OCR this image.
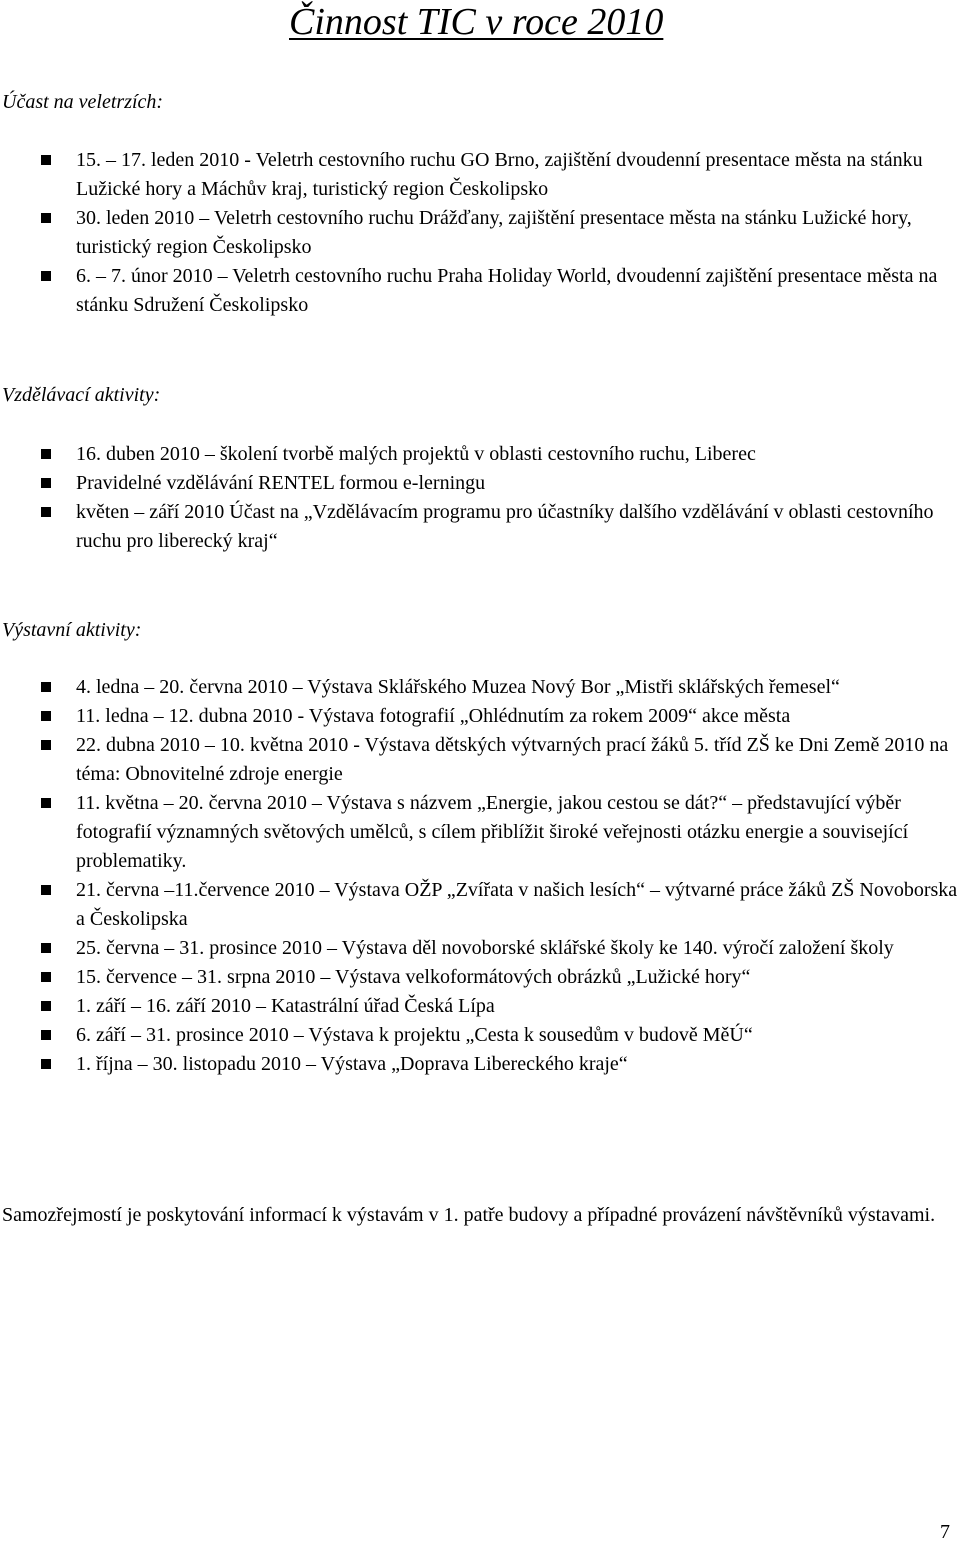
Činnost TIC v roce 2010
Účast na veletrzích:
15. – 17. leden 2010 - Veletrh cestovního ruchu GO Brno, zajištění dvoudenní presentace města na stánku Lužické hory a Máchův kraj, turistický region Českolipsko
30. leden 2010 – Veletrh cestovního ruchu Drážďany, zajištění presentace města na stánku Lužické hory, turistický region Českolipsko
6. – 7. únor 2010 – Veletrh cestovního ruchu Praha Holiday World, dvoudenní zajištění presentace města na stánku Sdružení Českolipsko
Vzdělávací aktivity:
16. duben 2010 – školení tvorbě malých projektů v oblasti cestovního ruchu, Liberec
Pravidelné vzdělávání RENTEL formou e-lerningu
květen – září 2010 Účast na „Vzdělávacím programu pro účastníky dalšího vzdělávání v oblasti cestovního ruchu pro liberecký kraj“
Výstavní aktivity:
4. ledna – 20. června 2010 – Výstava Sklářského Muzea Nový Bor „Mistři sklářských řemesel“
11. ledna – 12. dubna 2010 - Výstava fotografií „Ohlédnutím za rokem 2009“ akce města
22. dubna 2010 – 10. května 2010 - Výstava dětských výtvarných prací žáků 5. tříd ZŠ ke Dni Země 2010 na téma: Obnovitelné zdroje energie
11. května – 20. června 2010 – Výstava s názvem „Energie, jakou cestou se dát?“ – představující výběr fotografií významných světových umělců, s cílem přiblížit široké veřejnosti otázku energie a související problematiky.
21. června –11.července 2010 – Výstava OŽP „Zvířata v našich lesích“ – výtvarné práce žáků ZŠ Novoborska a Českolipska
25. června – 31. prosince 2010 – Výstava děl novoborské sklářské školy ke 140. výročí založení školy
15. července – 31. srpna 2010 – Výstava velkoformátových obrázků „Lužické hory“
1. září – 16. září 2010 – Katastrální úřad Česká Lípa
6. září – 31. prosince 2010 – Výstava k projektu „Cesta k sousedům v budově MěÚ“
1. října – 30. listopadu 2010 – Výstava „Doprava Libereckého kraje“

Samozřejmostí je poskytování informací k výstavám v 1. patře budovy a případné provázení návštěvníků výstavami.

7
